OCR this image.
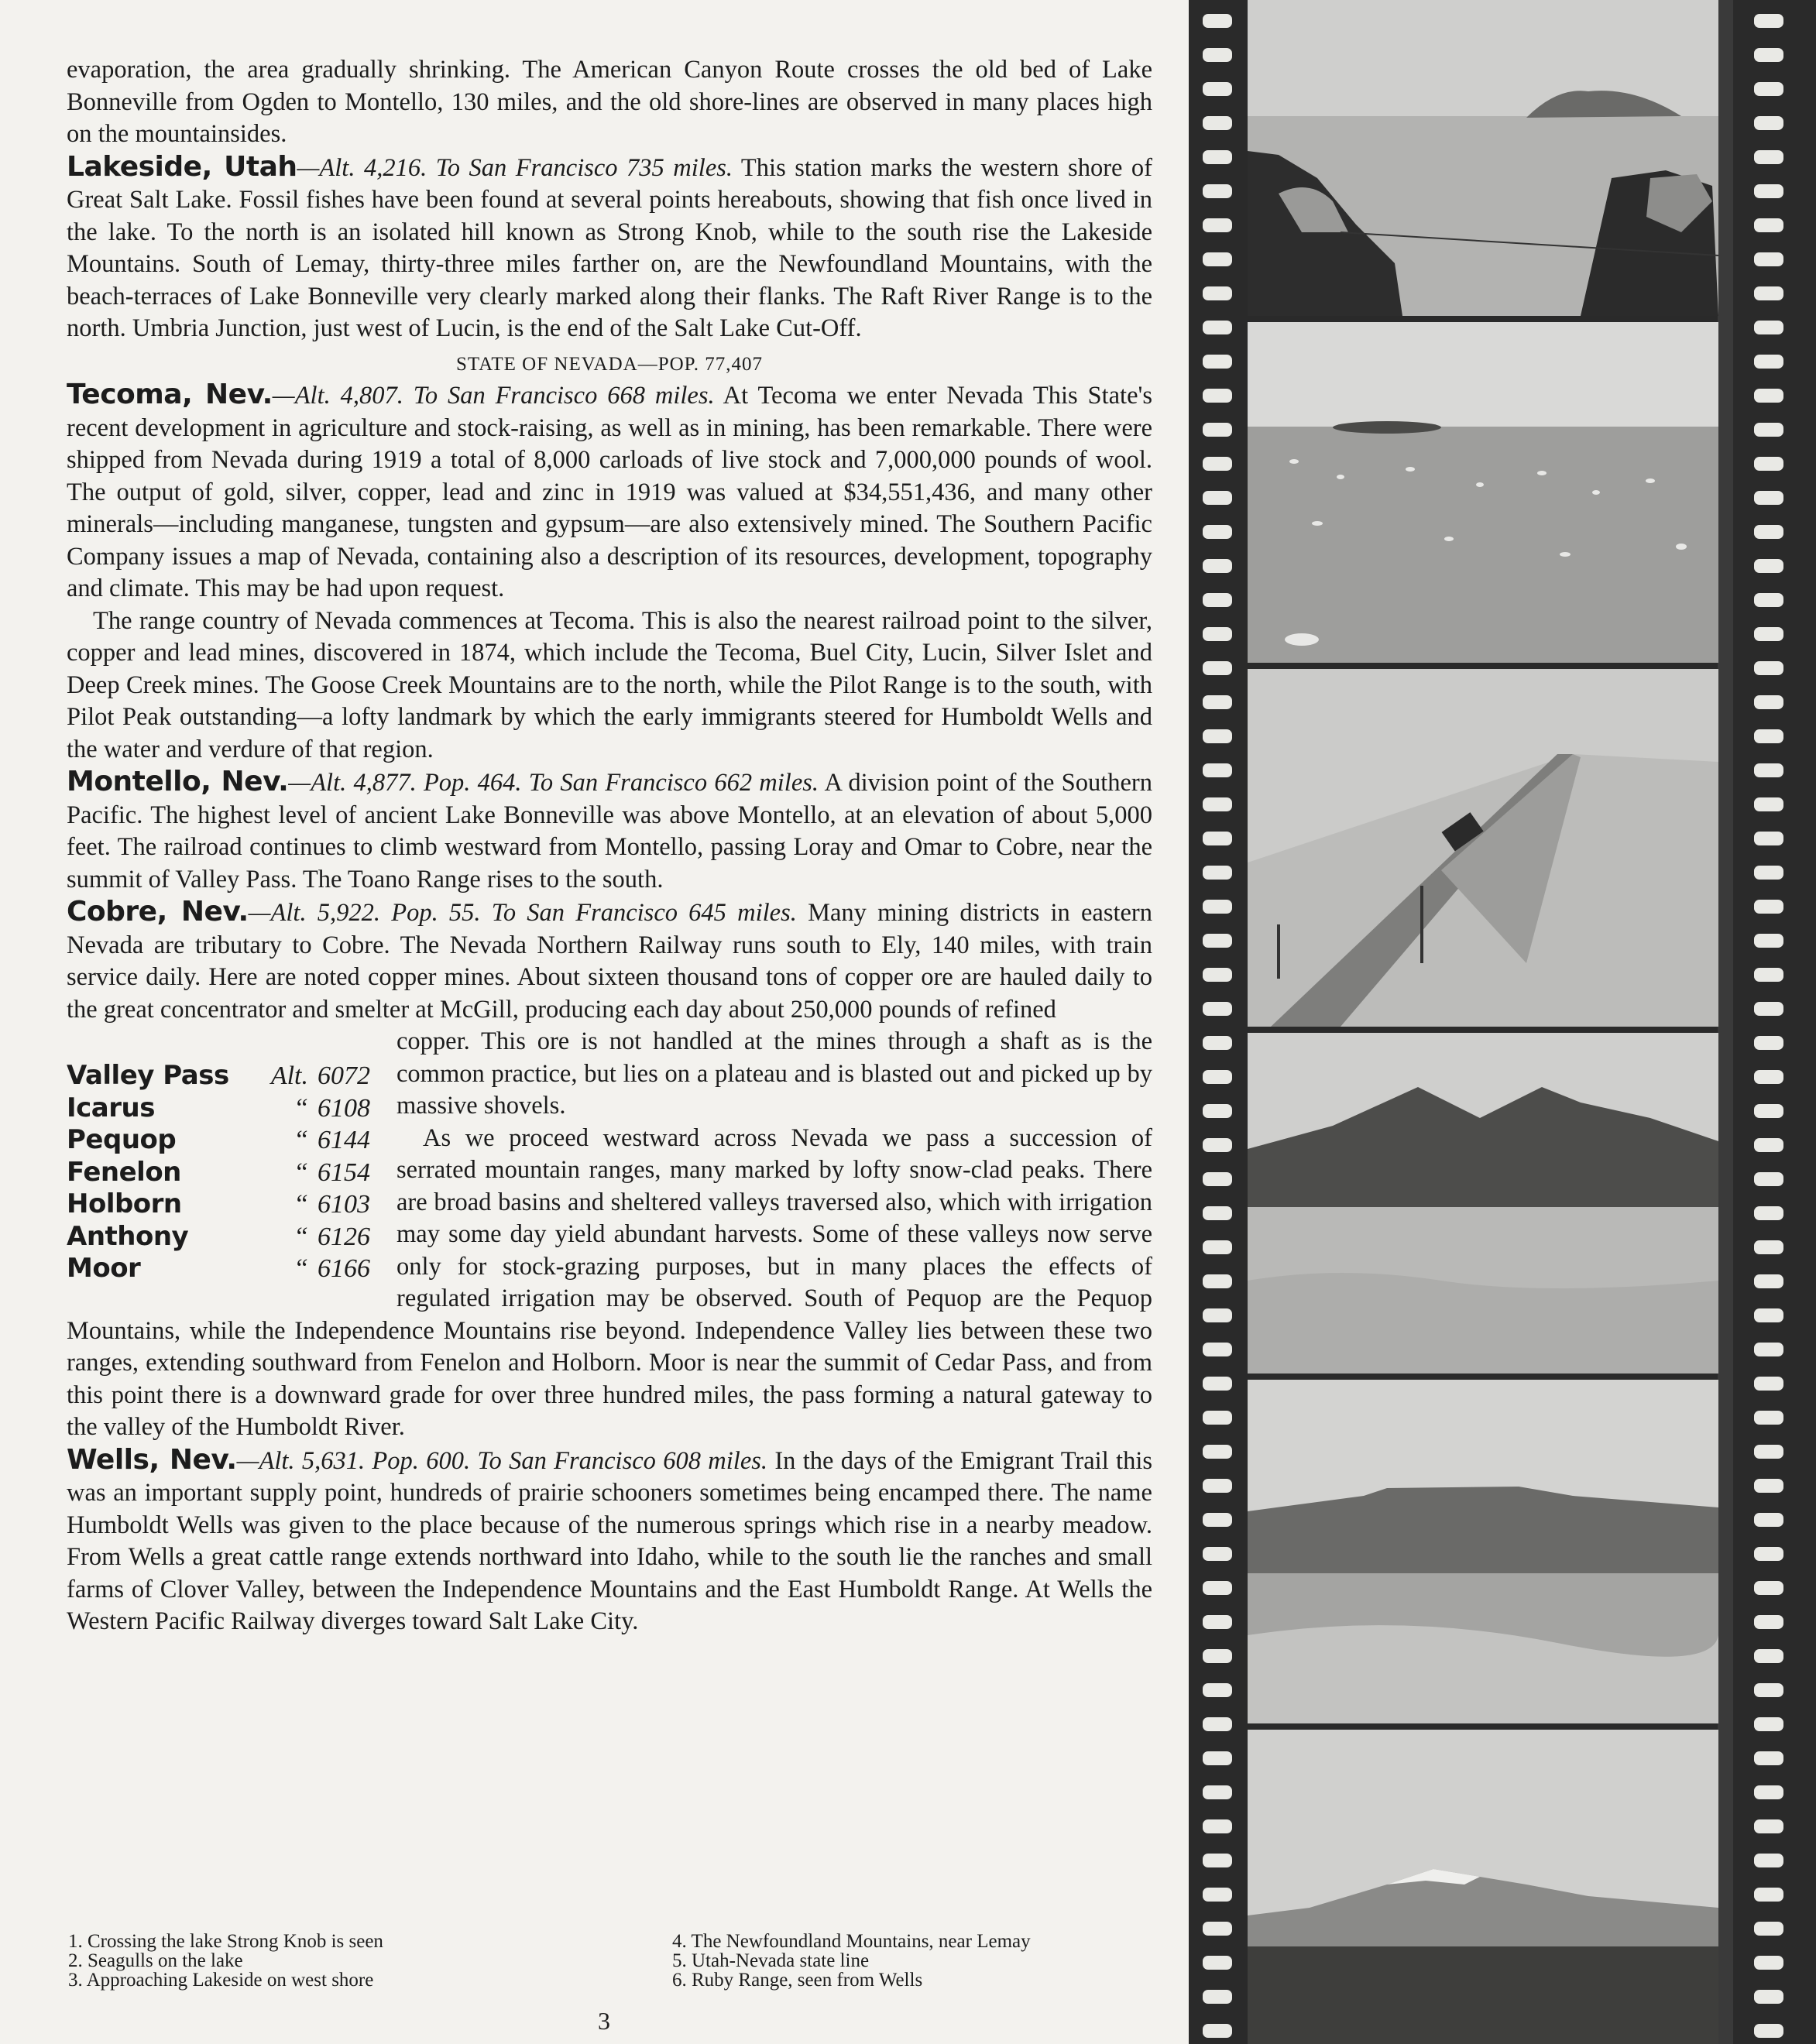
evaporation, the area gradually shrinking. The American Canyon Route crosses the old bed of Lake Bonneville from Ogden to Montello, 130 miles, and the old shore-lines are observed in many places high on the mountainsides.

Lakeside, Utah—Alt. 4,216. To San Francisco 735 miles. This station marks the western shore of Great Salt Lake. Fossil fishes have been found at several points hereabouts, showing that fish once lived in the lake. To the north is an isolated hill known as Strong Knob, while to the south rise the Lakeside Mountains. South of Lemay, thirty-three miles farther on, are the Newfoundland Mountains, with the beach-terraces of Lake Bonneville very clearly marked along their flanks. The Raft River Range is to the north. Umbria Junction, just west of Lucin, is the end of the Salt Lake Cut-Off.

STATE OF NEVADA—POP. 77,407

Tecoma, Nev.—Alt. 4,807. To San Francisco 668 miles. At Tecoma we enter Nevada This State's recent development in agriculture and stock-raising, as well as in mining, has been remarkable. There were shipped from Nevada during 1919 a total of 8,000 carloads of live stock and 7,000,000 pounds of wool. The output of gold, silver, copper, lead and zinc in 1919 was valued at $34,551,436, and many other minerals—including manganese, tungsten and gypsum—are also extensively mined. The Southern Pacific Company issues a map of Nevada, containing also a description of its resources, development, topography and climate. This may be had upon request.

The range country of Nevada commences at Tecoma. This is also the nearest railroad point to the silver, copper and lead mines, discovered in 1874, which include the Tecoma, Buel City, Lucin, Silver Islet and Deep Creek mines. The Goose Creek Mountains are to the north, while the Pilot Range is to the south, with Pilot Peak outstanding—a lofty landmark by which the early immigrants steered for Humboldt Wells and the water and verdure of that region.

Montello, Nev.—Alt. 4,877. Pop. 464. To San Francisco 662 miles. A division point of the Southern Pacific. The highest level of ancient Lake Bonneville was above Montello, at an elevation of about 5,000 feet. The railroad continues to climb westward from Montello, passing Loray and Omar to Cobre, near the summit of Valley Pass. The Toano Range rises to the south.

Cobre, Nev.—Alt. 5,922. Pop. 55. To San Francisco 645 miles. Many mining districts in eastern Nevada are tributary to Cobre. The Nevada Northern Railway runs south to Ely, 140 miles, with train service daily. Here are noted copper mines. About sixteen thousand tons of copper ore are hauled daily to the great concentrator and smelter at McGill, producing each day about 250,000 pounds of refined

Valley Pass	Alt. 6072
Icarus	“ 6108
Pequop	“ 6144
Fenelon	“ 6154
Holborn	“ 6103
Anthony	“ 6126
Moor	“ 6166

copper. This ore is not handled at the mines through a shaft as is the common practice, but lies on a plateau and is blasted out and picked up by massive shovels.

As we proceed westward across Nevada we pass a succession of serrated mountain ranges, many marked by lofty snow-clad peaks. There are broad basins and sheltered valleys traversed also, which with irrigation may some day yield abundant harvests. Some of these valleys now serve only for stock-grazing purposes, but in many places the effects of regulated irrigation may be observed. South of Pequop are the Pequop Mountains, while the Independence Mountains rise beyond. Independence Valley lies between these two ranges, extending southward from Fenelon and Holborn. Moor is near the summit of Cedar Pass, and from this point there is a downward grade for over three hundred miles, the pass forming a natural gateway to the valley of the Humboldt River.

Wells, Nev.—Alt. 5,631. Pop. 600. To San Francisco 608 miles. In the days of the Emigrant Trail this was an important supply point, hundreds of prairie schooners sometimes being encamped there. The name Humboldt Wells was given to the place because of the numerous springs which rise in a nearby meadow. From Wells a great cattle range extends northward into Idaho, while to the south lie the ranches and small farms of Clover Valley, between the Independence Mountains and the East Humboldt Range. At Wells the Western Pacific Railway diverges toward Salt Lake City.

1. Crossing the lake Strong Knob is seen
2. Seagulls on the lake
3. Approaching Lakeside on west shore
4. The Newfoundland Mountains, near Lemay
5. Utah-Nevada state line
6. Ruby Range, seen from Wells
3
